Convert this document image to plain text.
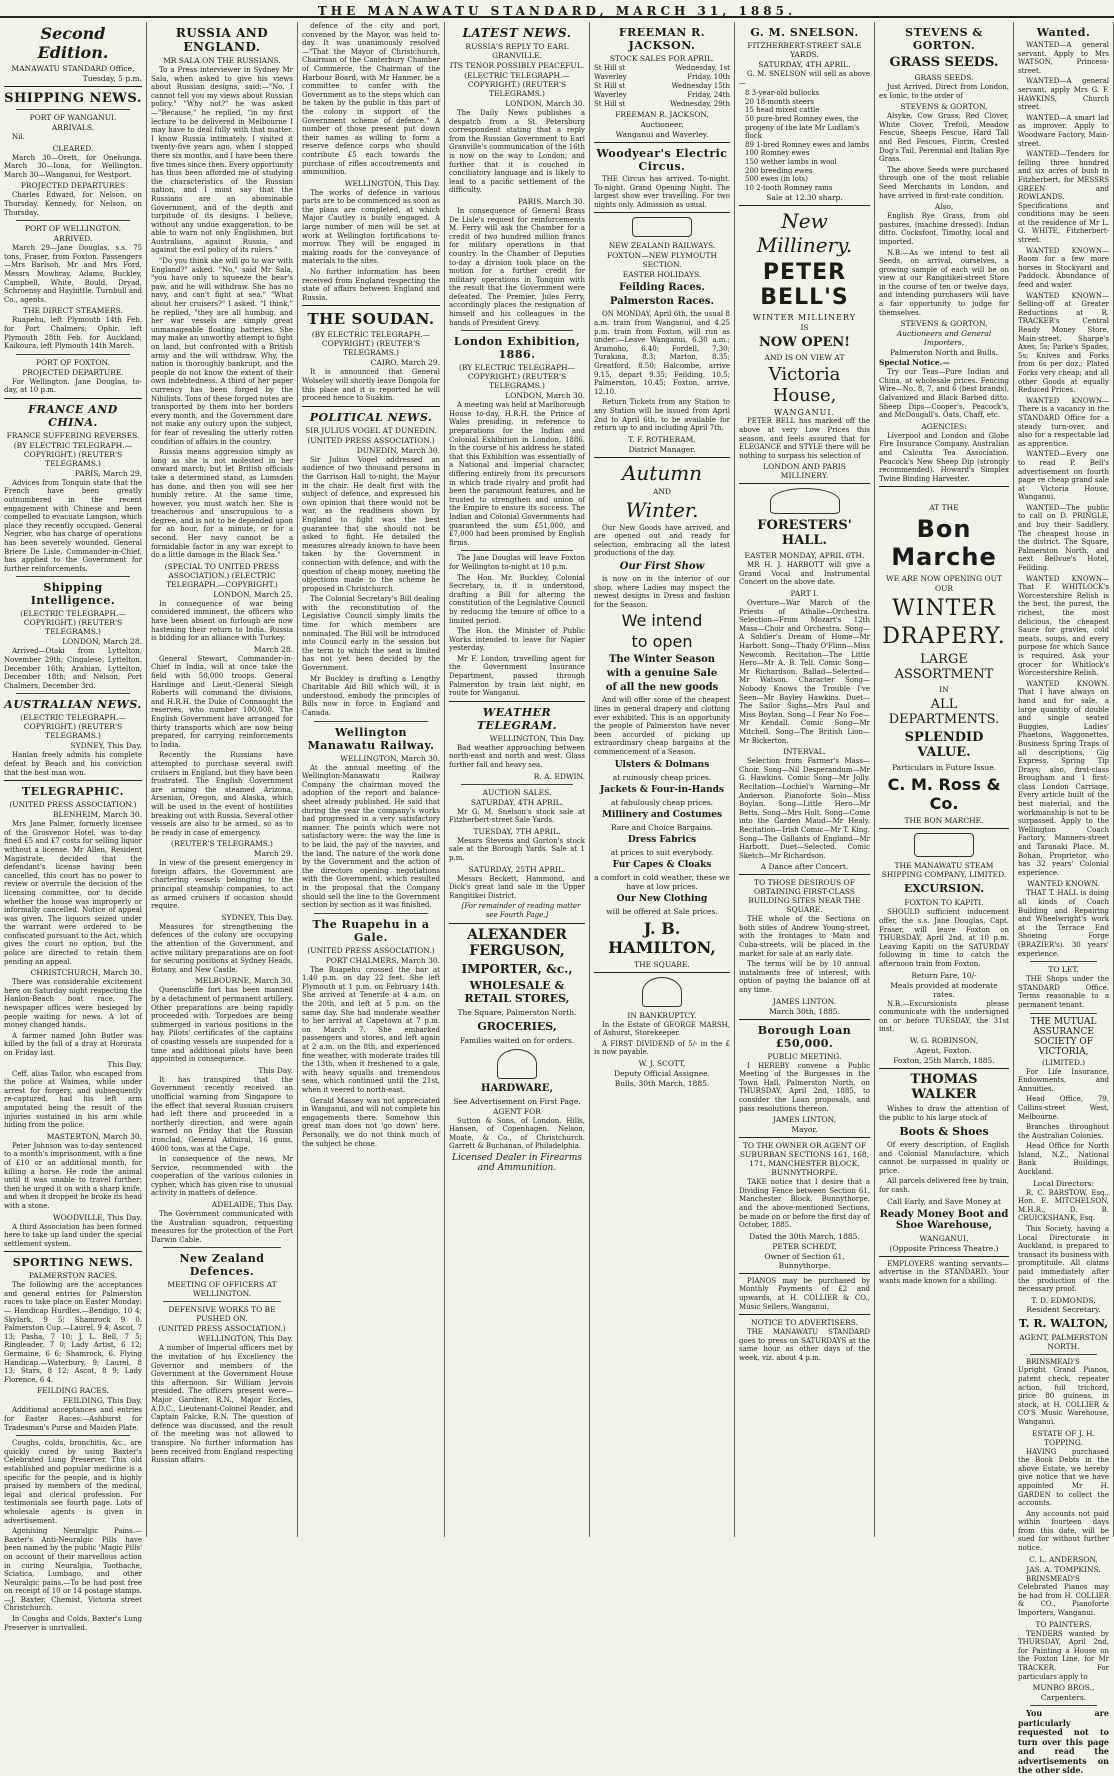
THE MANAWATU STANDARD, MARCH 31, 1885.
Second Edition.
MANAWATU STANDARD Office,
Tuesday, 5 p.m.
SHIPPING NEWS.
PORT OF WANGANUI.
ARRIVALS.

Nil.

CLEARED.

March 30—Orett, for Onehunga. March 30—Iona, for Wellington. March 30—Wanganui, for Westport.

PROJECTED DEPARTURES

Charles Edward, for Nelson, on Thursday. Kennedy, for Nelson, on Thursday.

PORT OF WELLINGTON.
ARRIVED.

March 29—Jane Douglas, s.s. 75 tons, Fraser, from Foxton. Passengers—Mrs Barlsoh, Mr and Mrs Ford, Messrs Mowbray, Adams, Buckley, Campbell, White, Bould, Dryad, Schroensy and Haybittle. Turnbull and Co., agents.

THE DIRECT STEAMERS.

Ruapehu, left Plymouth 14th Feb. for Port Chalmers; Ophir, left Plymouth 28th Feb. for Auckland; Kaikoura, left Plymouth 14th March.

PORT OF FOXTON.
PROJECTED DEPARTURE.

For Wellington. Jane Douglas, to-day, at 10 p.m.

FRANCE AND CHINA.
FRANCE SUFFERING REVERSES.
(BY ELECTRIC TELEGRAPH.—COPYRIGHT.) (REUTER'S TELEGRAMS.)
PARIS, March 29.

Advices from Tonquin state that the French have been greatly outnumbered in the recent engagement with Chinese and been compelled to evacuate Langson, which place they recently occupied. General Negrier, who has charge of operations has been severely wounded. General Briere De Lisle, Commander-in-Chief, has applied to the Government for further reinforcements.

Shipping Intelligence.
(ELECTRIC TELEGRAPH.—COPYRIGHT.) (REUTER'S TELEGRAMS.)
LONDON, March 28.

Arrived—Otaki from Lyttelton, November 29th; Cingalese, Lyttelton, December 16th; Arabian, Lyttelton, December 18th; and Nelson, Port Chalmers, December 3rd.

AUSTRALIAN NEWS.
(ELECTRIC TELEGRAPH.—COPYRIGHT.) (REUTER'S TELEGRAMS.)
SYDNEY, This Day.

Hanlan freely admits his complete defeat by Beach and his conviction that the best man won.

TELEGRAPHIC.
(UNITED PRESS ASSOCIATION.)
BLENHEIM, March 30.

Mrs Jane Palmer, formerly licensee of the Grosvenor Hotel, was to-day fined £5 and £7 costs for selling liquor without a license. Mr Allen, Resident Magistrate, decided that the defendant's license having been cancelled, this court has no power to review or overrule the decision of the licensing committee, nor to decide whether the house was improperly or informally cancelled. Notice of appeal was given. The liquors seized under the warrant were ordered to be confiscated pursuant to the Act, which gives the court no option, but the police are directed to retain them pending an appeal.

CHRISTCHURCH, March 30.

There was considerable excitement here on Saturday night respecting the Hanlon-Beach boat race. The newspaper offices were besieged by people waiting for news. A lot of money changed hands.

A farmer named John Butler was killed by the fall of a dray at Hororata on Friday last.

This Day.

Ceff, alias Tailor, who escaped from the police at Waimea, while under arrest for forgery, and subsequently re-captured, had his left arm amputated being the result of the injuries sustained in his arm while hiding from the police.

MASTERTON, March 30.

Peter Johnson was to-day sentenced to a month's imprisonment, with a fine of £10 or an additional month, for killing a horse. He rode the animal until it was unable to travel further; then he urged it on with a sharp knife, and when it dropped he broke its head with a stone.

WOODVILLE, This Day.

A third Association has been formed here to take up land under the special settlement system.

SPORTING NEWS.
PALMERSTON RACES.

The following are the acceptances and general entries for Palmerston races to take place on Easter Monday:— Handicap Hurdles.—Bendigo, 10 4; Skylark, 9 5; Shamrock 9 0. Palmerston Cup.—Laurel, 9 4; Ascot, 7 13; Pasha, 7 10; J. L. Bell, 7 5; Ringleader, 7 0; Lady Artist, 6 12; Germaine, 6 6; Shamrock, 6. Flying Handicap.—Waterbury, 9; Laurel, 8 13; Stars, 8 12; Ascot, 8 9; Lady Florence, 6 4.

FEILDING RACES.
FEILDING, This Day.

Additional acceptances and entries for Easter Races:—Ashburst for Tradesman's Purse and Maiden Plate.

Coughs, colds, bronchitis, &c., are quickly cured by using Baxter's Celebrated Lung Preserver. This old established and popular medicine is a specific for the people, and is highly praised by members of the medical, legal and clerical profession. For testimonials see fourth page. Lots of wholesale agents is given in advertisement.

Agonising Neuralgic Pains.—Baxter's Anti-Neuralgic Pills have been named by the public 'Magic Pills' on account of their marvellous action in curing Neuralgia, Toothache, Sciatica, Lumbago, and other Neuralgic pains.—To be had post free on receipt of 10 or 14 postage stamps.—J. Baxter, Chemist, Victoria street Christchurch.

In Coughs and Colds, Baxter's Lung Preserver is unrivalled.

RUSSIA AND ENGLAND.
MR SALA ON THE RUSSIANS.

To a Press interviewer in Sydney Mr Sala, when asked to give his views about Russian designs, said:—"No, I cannot tell you my views about Russian policy." "Why not?" he was asked—"Because," he replied, "in my first lecture to be delivered in Melbourne I may have to deal fully with that matter. I know Russia intimately. I visited it twenty-five years ago, when I stopped there six months, and I have been there five times since then. Every opportunity has thus been afforded me of studying the characteristics of the Russian nation, and I must say that the Russians are an abominable Government, and of the depth and turpitude of its designs. I believe, without any undue exaggeration, to be able to warn not only Englishmen, but Australians, against Russia, and against the evil policy of its rulers."

"Do you think she will go to war with England?" asked. "No," said Mr Sala, "you have only to squeeze the bear's paw, and he will withdraw. She has no navy, and can't fight at sea." "What about her cruisers?" I asked. "I think," he replied, "they are all humbug, and her war vessels are simply great unmanageable floating batteries. She may make an unworthy attempt to fight on land, but confronted with a British army and the will withdraw. Why, the nation is thoroughly bankrupt, and the people do not know the extent of their own indebtedness. A third of her paper currency has been forged by the Nihilists. Tons of these forged notes are transported by them into her borders every month, and the Government dare not make any outcry upon the subject, for fear of revealing the utterly rotten condition of affairs in the country.

Russia means aggression simply as long as she is not molested in her onward march; but let British officials take a determined stand, as Lumsden has done, and then you will see her humbly retire. At the same time, however, you must watch her. She is treacherous and unscrupulous to a degree, and is not to be depended upon for an hour, for a minute, or for a second. Her navy cannot be a formidable factor in any war except to do a little damage in the Black Sea."

(SPECIAL TO UNITED PRESS ASSOCIATION.) (ELECTRIC TELEGRAPH.—COPYRIGHT.)
LONDON, March 25.

In consequence of war being considered imminent, the officers who have been absent on furlough are now hastening their return to India. Russia is bidding for an alliance with Turkey.

March 28.

General Stewart, Commander-in-Chief in India, will at once take the field with 50,000 troops. General Hardinge and Lieut.-General Sleigh Roberts will command the divisions, and H.R.H. the Duke of Connaught the reserves, who number 100,000. The English Government have arranged for thirty transports which are now being prepared, for carrying reinforcements to India.

Recently the Russians have attempted to purchase several swift cruisers in England, but they have been frustrated. The English Government are arming the steamed Arizona, Arsenian, Oregon, and Alaska, which will be used in the event of hostilities breaking out with Russia. Several other vessels are also to be armed, so as to be ready in case of emergency.

(REUTER'S TELEGRAMS.)
March 29.

In view of the present emergency in foreign affairs, the Government are chartering vessels belonging to the principal steamship companies, to act as armed cruisers if occasion should require.

SYDNEY, This Day.

Measures for strengthening the defences of the colony are occupying the attention of the Government, and active military preparations are on foot for securing positions at Sydney Heads, Botany, and New Castle.

MELBOURNE, March 30.

Queenscliffe fort has been manned by a detachment of permanent artillery. Other preparations are being rapidly proceeded with. Torpedoes are being submerged in various positions in the bay. Pilots' certificates of the captains of coasting vessels are suspended for a time and additional pilots have been appointed in consequence.

This Day.

It has transpired that the Government recently received an unofficial warning from Singapore to the effect that several Russian cruisers had left there and proceeded in a northerly direction, and were again warned on Friday that the Russian ironclad, General Admiral, 16 guns, 4600 tons, was at the Cape.

In consequence of the news, Mr Service, recommended with the cooperation of the various colonies in cypher, which has given rise to unusual activity in matters of defence.

ADELAIDE, This Day.

The Government communicated with the Australian squadron, requesting measures for the protection of the Port Darwin Cable.

New Zealand Defences.
MEETING OF OFFICERS AT WELLINGTON.
DEFENSIVE WORKS TO BE PUSHED ON.
(UNITED PRESS ASSOCIATION.)
WELLINGTON, This Day.

A number of Imperial officers met by the invitation of his Excellency the Governor and members of the Government at the Government House this afternoon. Sir William Jervois presided. The officers present were—Major Gardner, R.N., Major Eccles, A.D.C., Lieutenant-Colonel Reader, and Captain Falcke, R.N. The question of defence was discussed, and the result of the meeting was not allowed to transpire. No further information has been received from England respecting Russian affairs.

defence of the city and port, convened by the Mayor, was held to-day. It was unanimously resolved—"That the Mayor of Christchurch, Chairman of the Canterbury Chamber of Commerce, the Chairman of the Harbour Board, with Mr Hanmer, be a committee to confer with the Government as to the steps which can be taken by the public in this part of the colony in support of the Government scheme of defence." A number of those present put down their names as willing to form a reserve defence corps who should contribute £5 each towards the purchase of rifles accoutrements and ammunition.

WELLINGTON, This Day.

The works of defence in various parts are to be commenced as soon as the plans are completed, at which Major Cautley is busily engaged. A large number of men will be set at work at Wellington fortifications to-morrow. They will be engaged in making roads for the conveyance of materials to the sites.

No further information has been received from England respecting the state of affairs between England and Russia.

THE SOUDAN.
(BY ELECTRIC TELEGRAPH.—COPYRIGHT.) (REUTER'S TELEGRAMS.)
CAIRO, March 29.

It is announced that General Wolseley will shortly leave Dongola for this place and it is reported he will proceed hence to Suakim.

POLITICAL NEWS.
SIR JULIUS VOGEL AT DUNEDIN.
(UNITED PRESS ASSOCIATION.)
DUNEDIN, March 30.

Sir Julius Vogel addressed an audience of two thousand persons in the Garrison Hall to-night, the Mayor in the chair. He dealt first with the subject of defence, and expressed his own opinion that there would not be war, as the readiness shown by England to fight was the best guarantee that she should not be asked to fight. He detailed the measures already known to have been taken by the Government in connection with defence, and with the question of cheap money, meeting the objections made to the scheme he proposed in Christchurch.

The Colonial Secretary's Bill dealing with the reconstitution of the Legislative Council simply limits the time for which members are nominated. The Bill will be introduced into Council early in the session but the term to which the seat is limited has not yet been decided by the Government.

Mr Buckley is drafting a Lengthy Charitable Aid Bill which will, it is understood, embody the principles of Bills now in force in England and Canada.

Wellington Manawatu Railway.
WELLINGTON, March 30.

At the annual meeting of the Wellington-Manawatu Railway Company the chairman moved the adoption of the report and balance-sheet already published. He said that during the year the company's works had progressed in a very satisfactory manner. The points which were not satisfactory were: the way the line is to be laid, the pay of the navvies, and the land. The nature of the work done by the Government and the action of the directors opening negotiations with the Government, which resulted in the proposal that the Company should sell the line to the Government section by section as it was finished.

The Ruapehu in a Gale.
(UNITED PRESS ASSOCIATION.)
PORT CHALMERS, March 30.

The Ruapehu crossed the bar at 1.40 p.m. on day 22 feet. She left Plymouth at 1 p.m. on February 14th. She arrived at Tenerife at 4 a.m. on the 20th, and left at 5 p.m. on the same day. She had moderate weather to her arrival at Capetown at 7 p.m. on March 7. She embarked passengers and stores, and left again at 2 a.m. on the 8th, and experienced fine weather, with moderate trades till the 13th, when it freshened to a gale, with heavy squalls and tremendous seas, which continued until the 21st, when it veered to north-east.

Gerald Massey was not appreciated in Wanganui, and will not complete his engagements there. Somehow this great man does not 'go down' here. Personally, we do not think much of the subject he chose.

LATEST NEWS.
RUSSIA'S REPLY TO EARL GRANVILLE.
ITS TENOR POSSIBLY PEACEFUL.
(ELECTRIC TELEGRAPH.—COPYRIGHT.) (REUTER'S TELEGRAMS.)
LONDON, March 30.

The Daily News publishes a despatch from a St. Petersburg correspondent stating that a reply from the Russian Government to Earl Granville's communication of the 16th is now on the way to London; and further that it is couched in conciliatory language and is likely to lead to a pacific settlement of the difficulty.

PARIS, March 30.

In consequence of General Brass De Lisle's request for reinforcements M. Ferry will ask the Chamber for a credit of two hundred million francs for military operations in that country. In the Chamber of Deputies to-day a division took place on the motion for a further credit for military operations in Tonquin with the result that the Government were defeated. The Premier, Jules Ferry, accordingly places the resignation of himself and his colleagues in the hands of President Grevy.

London Exhibition, 1886.
(BY ELECTRIC TELEGRAPH—COPYRIGHT.) (REUTER'S TELEGRAMS.)
LONDON, March 30.

A meeting was held at Marlborough House to-day, H.R.H. the Prince of Wales presiding, in reference to preparations for the Indian and Colonial Exhibition in London, 1886. In the course of his address he stated that this Exhibition was essentially of a National and Imperial character, differing entirely from its precursors in which trade rivalry and profit had been the paramount features, and he trusted to strengthen and union of the Empire to ensure its success. The Indian and Colonial Governments had guaranteed the sum £51,000, and £7,000 had been promised by English firms.

The Jane Douglas will leave Foxton for Wellington to-night at 10 p.m.

The Hon. Mr. Buckley, Colonial Secretary, is, it is understood, drafting a Bill for altering the constitution of the Legislative Council by reducing the tenure of office to a limited period.

The Hon. the Minister of Public Works intended to leave for Napier yesterday.

Mr F. London, travelling agent for the Government Insurance Department, passed through Palmerston by train last night, en route for Wanganui.

WEATHER TELEGRAM.
WELLINGTON, This Day.

Bad weather approaching between north-east and north and west. Glass further fall and heavy sea.

R. A. EDWIN.
AUCTION SALES.
SATURDAY, 4TH APRIL.

Mr G. M. Snelson's stock sale at Fitzherbert-street Sale Yards.

TUESDAY, 7TH APRIL.

Messrs Stevens and Gorton's stock sale at the Borough Yards. Sale at 1 p.m.

SATURDAY, 25TH APRIL.

Messrs Beckett, Hammond, and Dick's great land sale in the Upper Rangitikei District.

[For remainder of reading matter see Fourth Page.]

ALEXANDER FERGUSON,
IMPORTER, &c.,
WHOLESALE & RETAIL STORES,
The Square, Palmerston North.
GROCERIES,
Families waited on for orders.
HARDWARE,
See Advertisement on First Page.
AGENT FOR

Sutton & Sons, of London. Hills, Hansen, of Copenhagen. Nelson, Moate, & Co., of Christchurch. Garrett & Buchanan, of Philadelphia.

Licensed Dealer in Firearms and Ammunition.
FREEMAN R. JACKSON.
STOCK SALES FOR APRIL.
St Hill st	Wednesday, 1st
Waverley	Friday, 10th
St Hill st	Wednesday 15th
Waverley	Friday, 24th
St Hill st	Wednesday, 29th
FREEMAN R. JACKSON,
Auctioneer,
Wanganui and Waverley.
Woodyear's Electric Circus.

THE Circus has arrived. To-night. To-night. Grand Opening Night. The largest show ever travelling. For two nights only. Admission as usual.

NEW ZEALAND RAILWAYS.
FOXTON—NEW PLYMOUTH SECTION.
EASTER HOLIDAYS.
Feilding Races.
Palmerston Races.

ON MONDAY, April 6th, the usual 8 a.m. train from Wanganui, and 4.25 p.m. train from Foxton, will run as under:—Leave Wanganui, 6.30 a.m.; Aramoho, 6.40; Fordell, 7.30; Turakina, 8.3; Marton, 8.35; Greatford, 8.50; Halcombe, arrive 9.15, depart 9.35; Feilding, 10.5; Palmerston, 10.45; Foxton, arrive, 12.10.

Return Tickets from any Station to any Station will be issued from April 2nd to April 6th, to be available for return up to and including April 7th.

T. F. ROTHERAM,
District Manager.
Autumn
AND
Winter.

Our New Goods have arrived, and are opened out and ready for selection, embracing all the latest productions of the day.

Our First Show

is now on in the interior of our shop, where Ladies may inspect the newest designs in Dress and fashion for the Season.

We intend
to open
The Winter Season
with a genuine Sale
of all the new goods

And will offer some of the cheapest lines in general drapery and clothing ever exhibited. This is an opportunity the people of Palmerston have never been accorded of picking up extraordinary cheap bargains at the commencement of a Season.

Ulsters & Dolmans
at ruinously cheap prices.
Jackets & Four-in-Hands
at fabulously cheap prices.
Millinery and Costumes
Rare and Choice Bargains.
Dress Fabrics
at prices to suit everybody.
Fur Capes & Cloaks
a comfort in cold weather, these we have at low prices.
Our New Clothing
will be offered at Sale prices.
J. B. HAMILTON,
THE SQUARE.
IN BANKRUPTCY.

In the Estate of GEORGE MARSH, of Ashurst, Storekeeper.

A FIRST DIVIDEND of 5/- in the £ is now payable.

W. J. SCOTT,
Deputy Official Assignee.
Bulls, 30th March, 1885.
G. M. SNELSON.
FITZHERBERT-STREET SALE YARDS.
SATURDAY, 4TH APRIL.

G. M. SNELSON will sell as above—

8 3-year-old bullocks
20 18-month steers
15 head mixed cattle
50 pure-bred Romney ewes, the progeny of the late Mr Ludlam's flock
89 1-bred Romney ewes and lambs
100 Romney ewes
150 wether lambs in wool
200 breeding ewes
500 ewes (in lots)
10 2-tooth Romney rams
Sale at 12.30 sharp.
New Millinery.
PETER BELL'S
WINTER MILLINERY
IS
NOW OPEN!
AND IS ON VIEW AT
Victoria House,
WANGANUI.

PETER BELL has marked off the above at very Low Prices this season, and feels assured that for ELEGANCE and STYLE there will be nothing to surpass his selection of

LONDON AND PARIS MILLINERY.
FORESTERS' HALL.
EASTER MONDAY, APRIL 6TH.

MR H. J. HARBOTT will give a Grand Vocal and Instrumental Concert on the above date.

PART I.

Overture—War March of the Priests of Athalie—Orchestra. Selection—From Mozart's 12th Mass—Choir and Orchestra. Song—A Soldier's Dream of Home—Mr Harbott. Song—Thady O'Flinn—Miss Newcomb. Recitation—The Little Hero—Mr A. B. Tell. Comic Song—Mr Richardson. Ballad—Selected—Mr Watson. Character Song—Nobody Knows the Trouble I've Seen—Mr Bayley Hawkins. Duet—The Sailor Sighs—Mrs Paul and Miss Boylan. Song—I Fear No Foe—Mr Kendall. Comic Song—Mr Mitchell. Song—The British Lion—Mr Bickerton.

INTERVAL.

Selection from Farmer's Mass—Choir. Song—Nil Desperandum—Mr G. Hawkins. Comic Song—Mr Jolly. Recitation—Lochiel's Warning—Mr Anderson. Pianoforte Solo—Miss Boylan. Song—Little Hero—Mr Betts. Song—Mrs Holt. Song—Come into the Garden Maud—Mr Healy. Recitation—Irish Comic—Mr T. King. Song—The Gallants of England—Mr Harbott. Duet—Selected. Comic Sketch—Mr Richardson.

A Dance after Concert.
TO THOSE DESIROUS OF OBTAINING FIRST-CLASS BUILDING SITES NEAR THE SQUARE.

THE whole of the Sections on both sides of Andrew Young-street, with the frontages to Main and Cuba-streets, will be placed in the market for sale at an early date.

The terms will be by 10 annual instalments free of interest, with option of paying the balance off at any time.

JAMES LINTON.
March 30th, 1885.
Borough Loan £50,000.
PUBLIC MEETING.

I HEREBY convene a Public Meeting of the Burgesses in the Town Hall, Palmerston North, on THURSDAY, April 2nd, 1885, to consider the Loan proposals, and pass resolutions thereon.

JAMES LINTON,
Mayor.
TO THE OWNER OR AGENT OF SUBURBAN SECTIONS 161, 168, 171, MANCHESTER BLOCK, BUNNYTHORPE.

TAKE notice that I desire that a Dividing Fence between Section 61, Manchester Block, Bunnythorpe, and the above-mentioned Sections, be made on or before the first day of October, 1885.

Dated the 30th March, 1885.
PETER SCHEDT,
Owner of Section 61, Bunnythorpe.

PIANOS may be purchased by Monthly Payments of £2 and upwards, at H. COLLIER & CO., Music Sellers, Wanganui.

NOTICE TO ADVERTISERS.

THE MANAWATU STANDARD goes to press on SATURDAYS at the same hour as other days of the week, viz. about 4 p.m.

STEVENS & GORTON.
GRASS SEEDS.
GRASS SEEDS.

Just Arrived, Direct from London, ex Ionic, to the order of

STEVENS & GORTON,

Alsyke, Cow Grass, Red Clover, White Clover, Trefoil, Meadow Fescue, Sheeps Fescue, Hard Tall and Red Fescues, Fiorin, Crested Dog's Tail, Perennial and Italian Rye Grass.

The above Seeds were purchased through one of the most reliable Seed Merchants in London, and have arrived in first-rate condition.

Also,

English Rye Grass, from old pastures, (machine dressed). Indian ditto. Cocksfoot, Timothy, local and imported.

N.B.—As we intend to test all Seeds, on arrival, ourselves, a growing sample of each will be on view at our Rangitikei-street Store in the course of ten or twelve days, and intending purchasers will have a fair opportunity to judge for themselves.

STEVENS & GORTON,
Auctioneers and General Importers,
Palmerston North and Bulls.
Special Notice.—

Try our Teas—Pure Indian and China, at wholesale prices. Fencing Wire—No. 8, 7, and 6 (best brands), Galvanized and Black Barbed ditto. Sheep Dips—Cooper's, Peacock's, and McDougall's. Oats, Chaff, etc.

AGENCIES:

Liverpool and London and Globe Fire Insurance Company. Australian and Calcutta Tea Association. Peacock's New Sheep Dip (strongly recommended). Howard's Simplex Twine Binding Harvester.

AT THE
Bon Marche
WE ARE NOW OPENING OUT
OUR
WINTER
DRAPERY.
LARGE ASSORTMENT
IN
ALL DEPARTMENTS.
SPLENDID VALUE.
Particulars in Future Issue.
C. M. Ross & Co.
THE BON MARCHE.
THE MANAWATU STEAM SHIPPING COMPANY, LIMITED.
EXCURSION.
FOXTON TO KAPITI.

SHOULD sufficient inducement offer, the s.s. Jane Douglas, Capt. Fraser, will leave Foxton on THURSDAY, April 2nd, at 10 p.m. Leaving Kapiti on the SATURDAY following in time to catch the afternoon train from Foxton.

Return Fare, 10/-
Meals provided at moderate rates.

N.B.—Excursionists please communicate with the undersigned on or before TUESDAY, the 31st inst.

W. G. ROBINSON,
Agent, Foxton.
Foxton, 25th March, 1885.
THOMAS WALKER

Wishes to draw the attention of the public to his large stock of

Boots & Shoes

Of every description, of English and Colonial Manufacture, which cannot be surpassed in quality or price.

All parcels delivered free by train, for cash.

Call Early, and Save Money at
Ready Money Boot and Shoe Warehouse,
WANGANUI,
(Opposite Princess Theatre.)

EMPLOYERS wanting servants—advertise in the STANDARD. Your wants made known for a shilling.

Wanted.

WANTED—A general servant. Apply to Mrs WATSON, Princess-street.

WANTED—A general servant, apply Mrs G. F. HAWKINS, Church street.

WANTED—A smart lad as improver. Apply to Woodware Factory, Main-street.

WANTED—Tenders for felling three hundred and six acres of bush in Fitzherbert, for MESSRS GREEN and ROWLANDS. Specifications and conditions may be seen at the residence of Mr L. G. WHITE, Fitzherbert-street.

WANTED KNOWN—Room for a few more horses in Stockyard and Paddock. Abundance of feed and water.

WANTED KNOWN—Selling-off at Greater Reductions at R. TRACKER's Central Ready Money Store, Main-street. Sharpe's Axes, 5s; Parke's Spades, 5s; Knives and Forks from 6s per doz.; Plated Forks very cheap; and all other Goods at equally Reduced Prices.

WANTED KNOWN—There is a vacancy in the STANDARD Office for a steady turn-over, and also for a respectable lad as apprentice.

WANTED—Every one to read P. Bell's advertisement on fourth page re cheap grand sale at Victoria House, Wanganui.

WANTED—The public to call on D. PRINGLE, and buy their Saddlery. The cheapest house in the district. The Square, Palmerston North, and next Bellvue's Hotel, Feilding.

WANTED KNOWN—That F. WHITLOCK's Worcestershire Relish is the best, the purest, the richest, the most delicious, the cheapest Sauce for gravies, cold meats, soups, and every purpose for which Sauce is required. Ask your grocer for Whitlock's Worcestershire Relish.

WANTED KNOWN. That I have always on hand and for sale, a large quantity of double and single seated Buggies, Ladies' Phaetons, Waggonettes, Business Spring Traps of all descriptions, Gig Express, Spring Tip Drays; also, first-class Brougham and 1 first-class London Carriage. Every article built of the best material, and the workmanship is not to be surpassed. Apply to the Wellington Coach Factory, Manners-street and Taranaki Place. M. Bohan, Proprietor, who has 32 years' Colonial experience.

WANTED KNOWN.

THAT T. HALL is doing all kinds of Coach Building and Repairing and Wheelwright's work at the Terrace End Shoeing Forge (BRAZIER's). 30 years' experience.

TO LET.

THE Shops under the STANDARD Office. Terms reasonable to a permanent tenant.

THE MUTUAL ASSURANCE SOCIETY OF VICTORIA,
(LIMITED.)

For Life Insurance, Endowments, and Annuities.

Head Office, 79, Collins-street West, Melbourne.

Branches throughout the Australian Colonies.

Head Office for North Island, N.Z., National Bank Buildings, Auckland.

Local Directors:

R. C. BARSTOW, Esq., Hon. E. MITCHELSON, M.H.R., D. B. CRUICKSHANK, Esq.

This Society, having a Local Directorate in Auckland, is prepared to transact its business with promptitude. All claims paid immediately after the production of the necessary proof.

T. D. EDMONDS, Resident Secretary.
T. R. WALTON,
AGENT, PALMERSTON NORTH.

BRINSMEAD'S Upright Grand Pianos, patent check, repeater action, full trichord, price 80 guineas, in stock, at H. COLLIER & CO'S Music Warehouse, Wanganui.

ESTATE OF J. H. TOPPING.

HAVING purchased the Book Debts in the above Estate, we hereby give notice that we have appointed Mr H. GARDEN to collect the accounts.

Any accounts not paid within fourteen days from this date, will be sued for without further notice.

C. L. ANDERSON,
JAS. A. TOMPKINS.

BRINSMEAD'S Celebrated Pianos may be had from H. COLLIER & CO., Pianoforte Importers, Wanganui.

TO PAINTERS.

TENDERS wanted by THURSDAY, April 2nd, for Painting a House on the Foxton Line, for Mr TRACKER. For particulars apply to

MUNRO BROS.,
Carpenters.

You are particularly requested not to turn over this page and read the advertisements on the other side.
